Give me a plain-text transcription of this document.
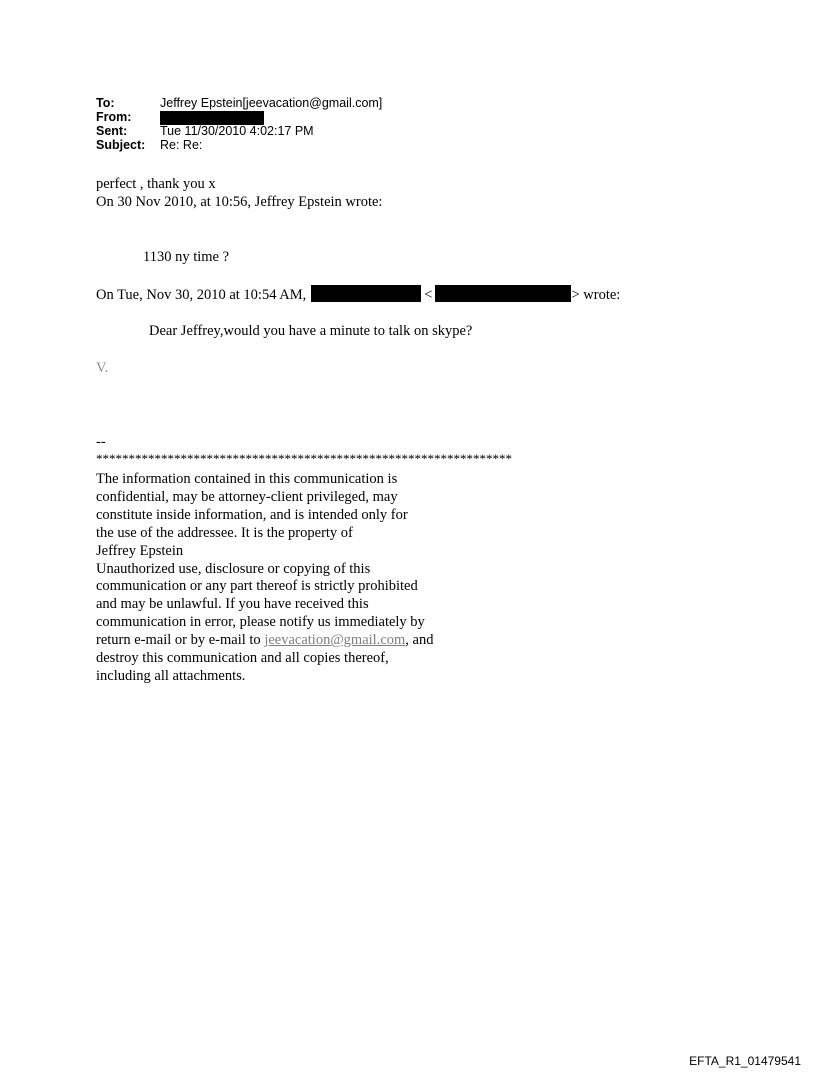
To:	Jeffrey Epstein[jeevacation@gmail.com]
From:
Sent:	Tue 11/30/2010 4:02:17 PM
Subject:	Re: Re:
perfect , thank you x
On 30 Nov 2010, at 10:56, Jeffrey Epstein wrote:
1130 ny time ?
On Tue, Nov 30, 2010 at 10:54 AM,	<	> wrote:
Dear Jeffrey,would you have a minute to talk on skype?
V.
--
****************************************************************
The information contained in this communication is
confidential, may be attorney-client privileged, may
constitute inside information, and is intended only for
the use of the addressee. It is the property of
Jeffrey Epstein
Unauthorized use, disclosure or copying of this
communication or any part thereof is strictly prohibited
and may be unlawful. If you have received this
communication in error, please notify us immediately by
return e-mail or by e-mail to jeevacation@gmail.com, and
destroy this communication and all copies thereof,
including all attachments.
EFTA_R1_01479541
